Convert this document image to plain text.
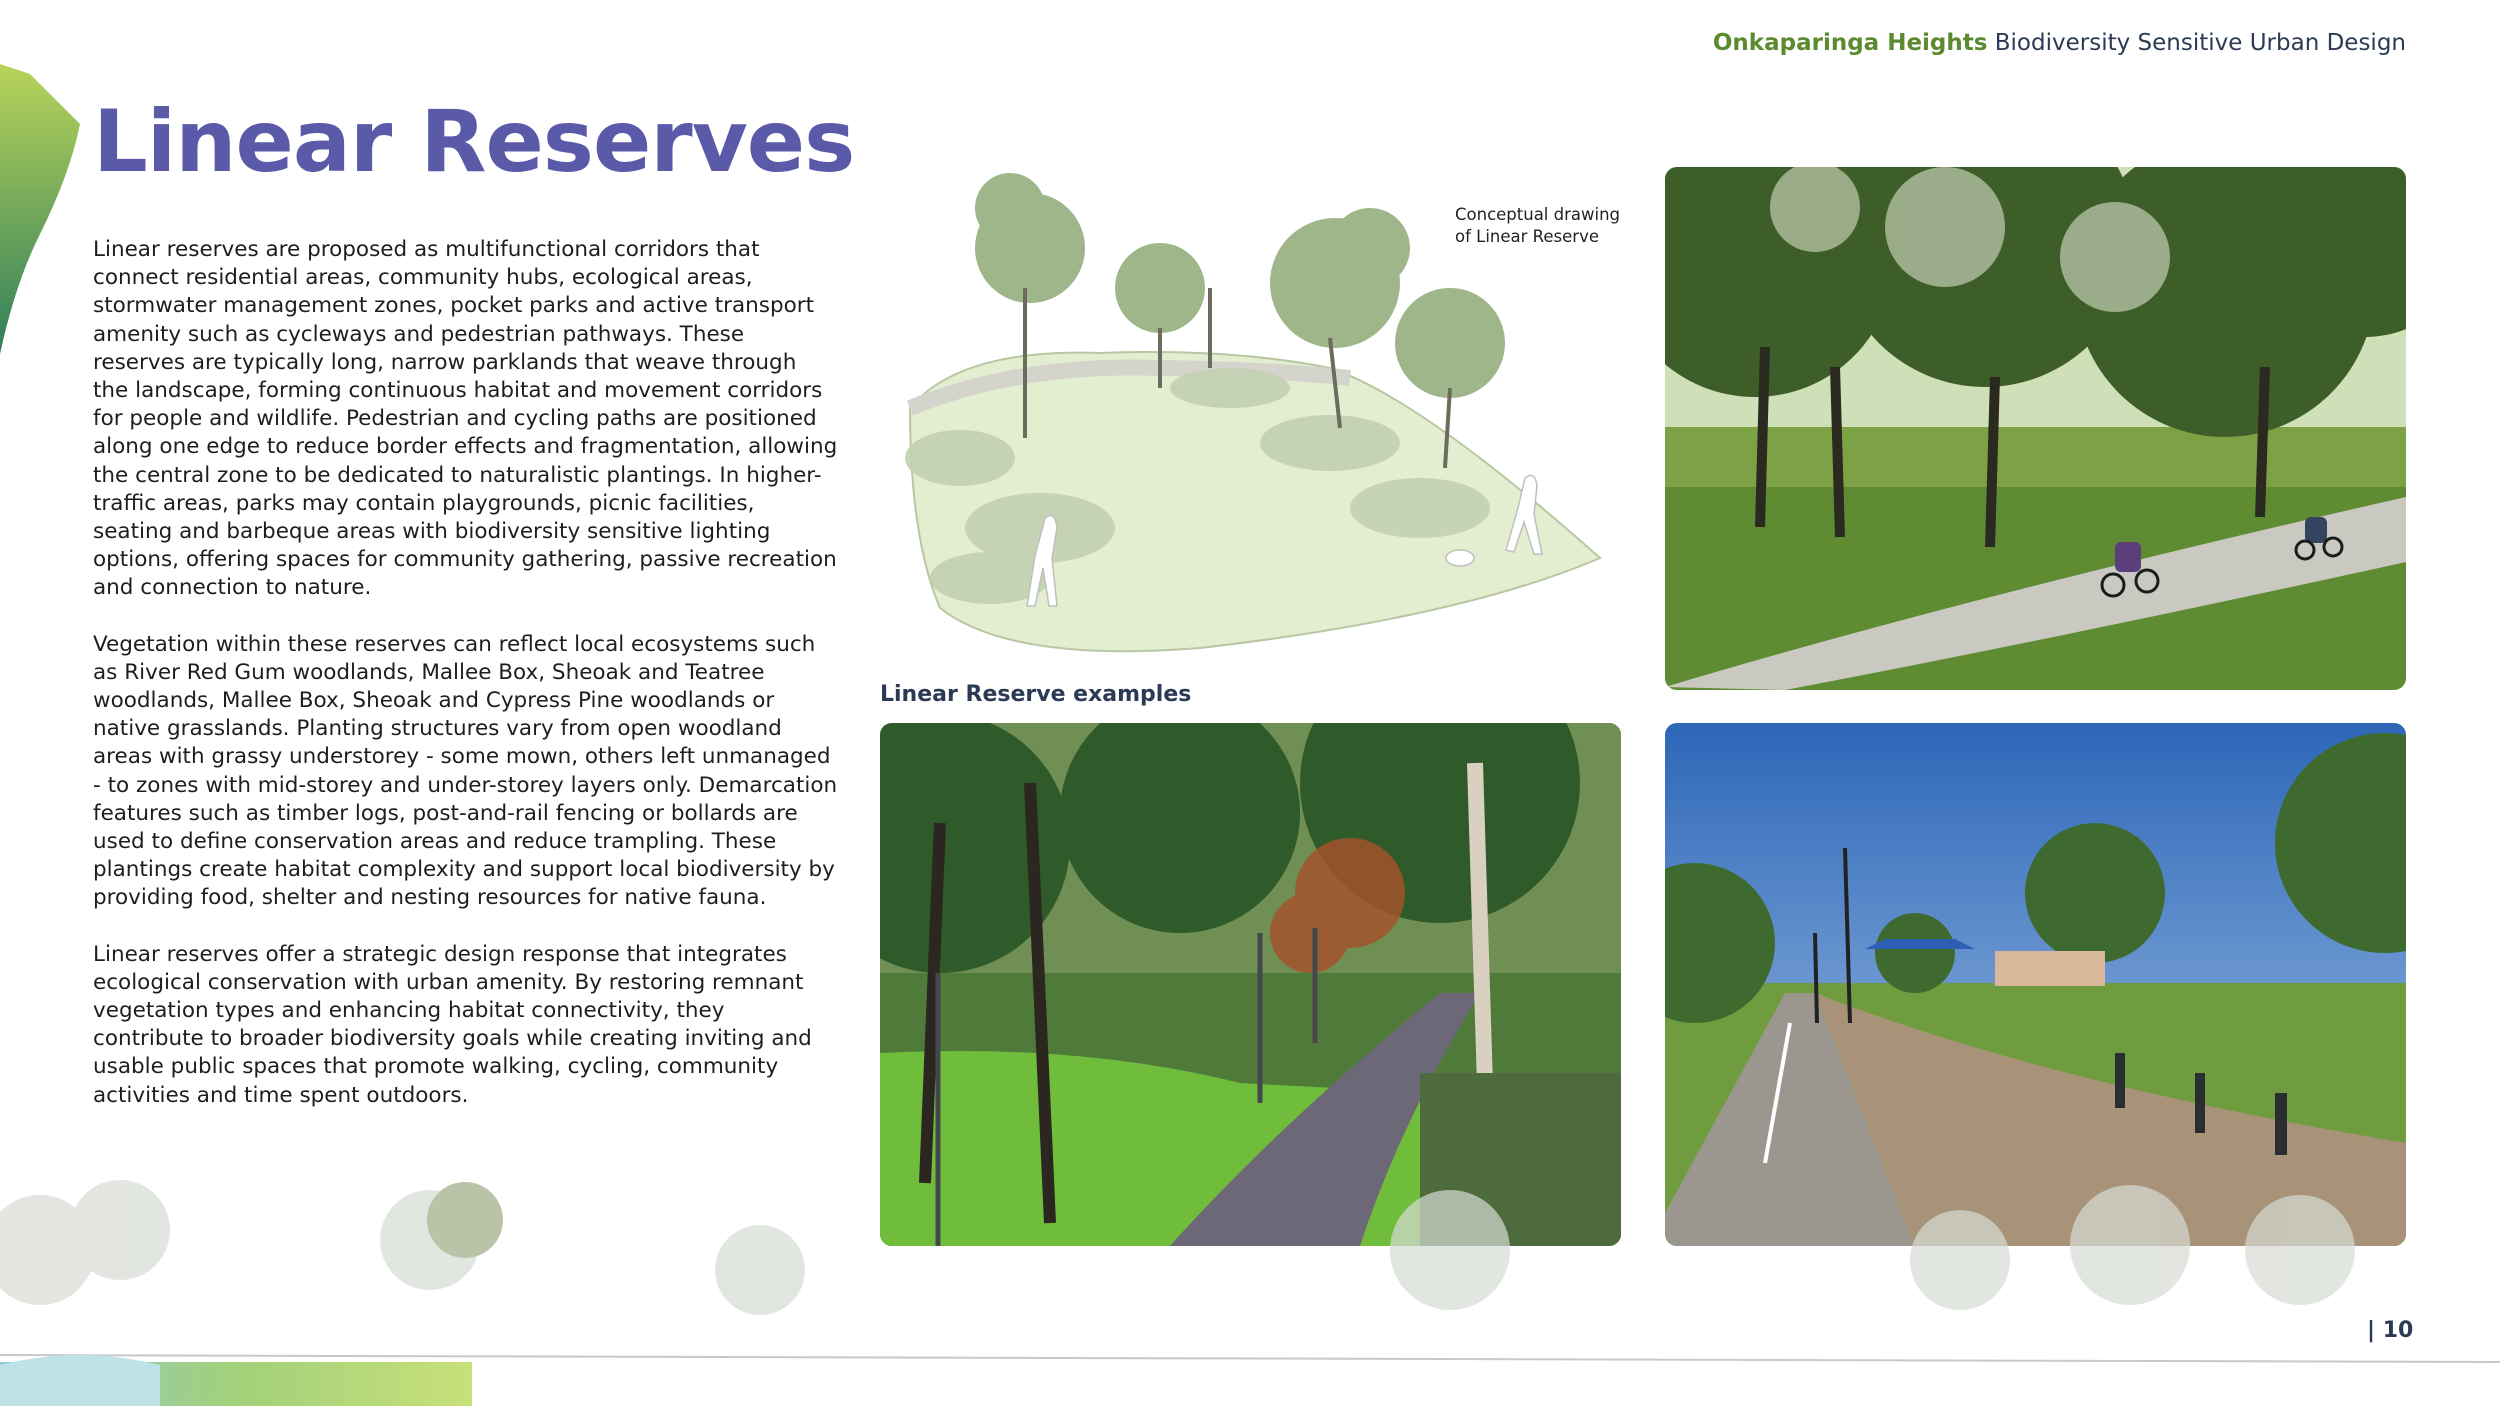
Onkaparinga Heights Biodiversity Sensitive Urban Design
Linear Reserves

Linear reserves are proposed as multifunctional corridors that connect residential areas, community hubs, ecological areas, stormwater management zones, pocket parks and active transport amenity such as cycleways and pedestrian pathways. These reserves are typically long, narrow parklands that weave through the landscape, forming continuous habitat and movement corridors for people and wildlife. Pedestrian and cycling paths are positioned along one edge to reduce border effects and fragmentation, allowing the central zone to be dedicated to naturalistic plantings. In higher-traffic areas, parks may contain playgrounds, picnic facilities, seating and barbeque areas with biodiversity sensitive lighting options, offering spaces for community gathering, passive recreation and connection to nature.

Vegetation within these reserves can reflect local ecosystems such as River Red Gum woodlands, Mallee Box, Sheoak and Teatree woodlands, Mallee Box, Sheoak and Cypress Pine woodlands or native grasslands. Planting structures vary from open woodland areas with grassy understorey - some mown, others left unmanaged - to zones with mid-storey and under-storey layers only. Demarcation features such as timber logs, post-and-rail fencing or bollards are used to define conservation areas and reduce trampling. These plantings create habitat complexity and support local biodiversity by providing food, shelter and nesting resources for native fauna.

Linear reserves offer a strategic design response that integrates ecological conservation with urban amenity. By restoring remnant vegetation types and enhancing habitat connectivity, they contribute to broader biodiversity goals while creating inviting and usable public spaces that promote walking, cycling, community activities and time spent outdoors.

Conceptual drawing of Linear Reserve
Linear Reserve examples
| 10
